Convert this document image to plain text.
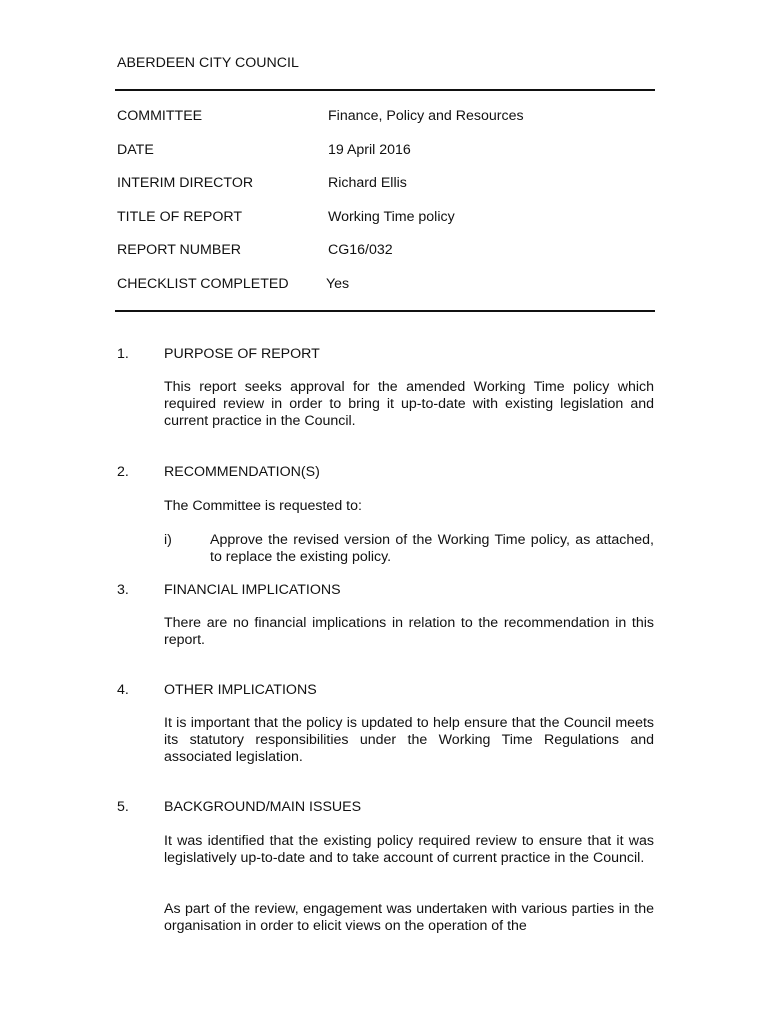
ABERDEEN CITY COUNCIL
COMMITTEE	Finance, Policy and Resources
DATE	19 April 2016
INTERIM DIRECTOR	Richard Ellis
TITLE OF REPORT	Working Time policy
REPORT NUMBER	CG16/032
CHECKLIST COMPLETED	Yes
1. PURPOSE OF REPORT

This report seeks approval for the amended Working Time policy which required review in order to bring it up-to-date with existing legislation and current practice in the Council.

2. RECOMMENDATION(S)

The Committee is requested to:

i)	Approve the revised version of the Working Time policy, as attached, to replace the existing policy.

3. FINANCIAL IMPLICATIONS

There are no financial implications in relation to the recommendation in this report.

4. OTHER IMPLICATIONS

It is important that the policy is updated to help ensure that the Council meets its statutory responsibilities under the Working Time Regulations and associated legislation.

5. BACKGROUND/MAIN ISSUES

It was identified that the existing policy required review to ensure that it was legislatively up-to-date and to take account of current practice in the Council.

As part of the review, engagement was undertaken with various parties in the organisation in order to elicit views on the operation of the
